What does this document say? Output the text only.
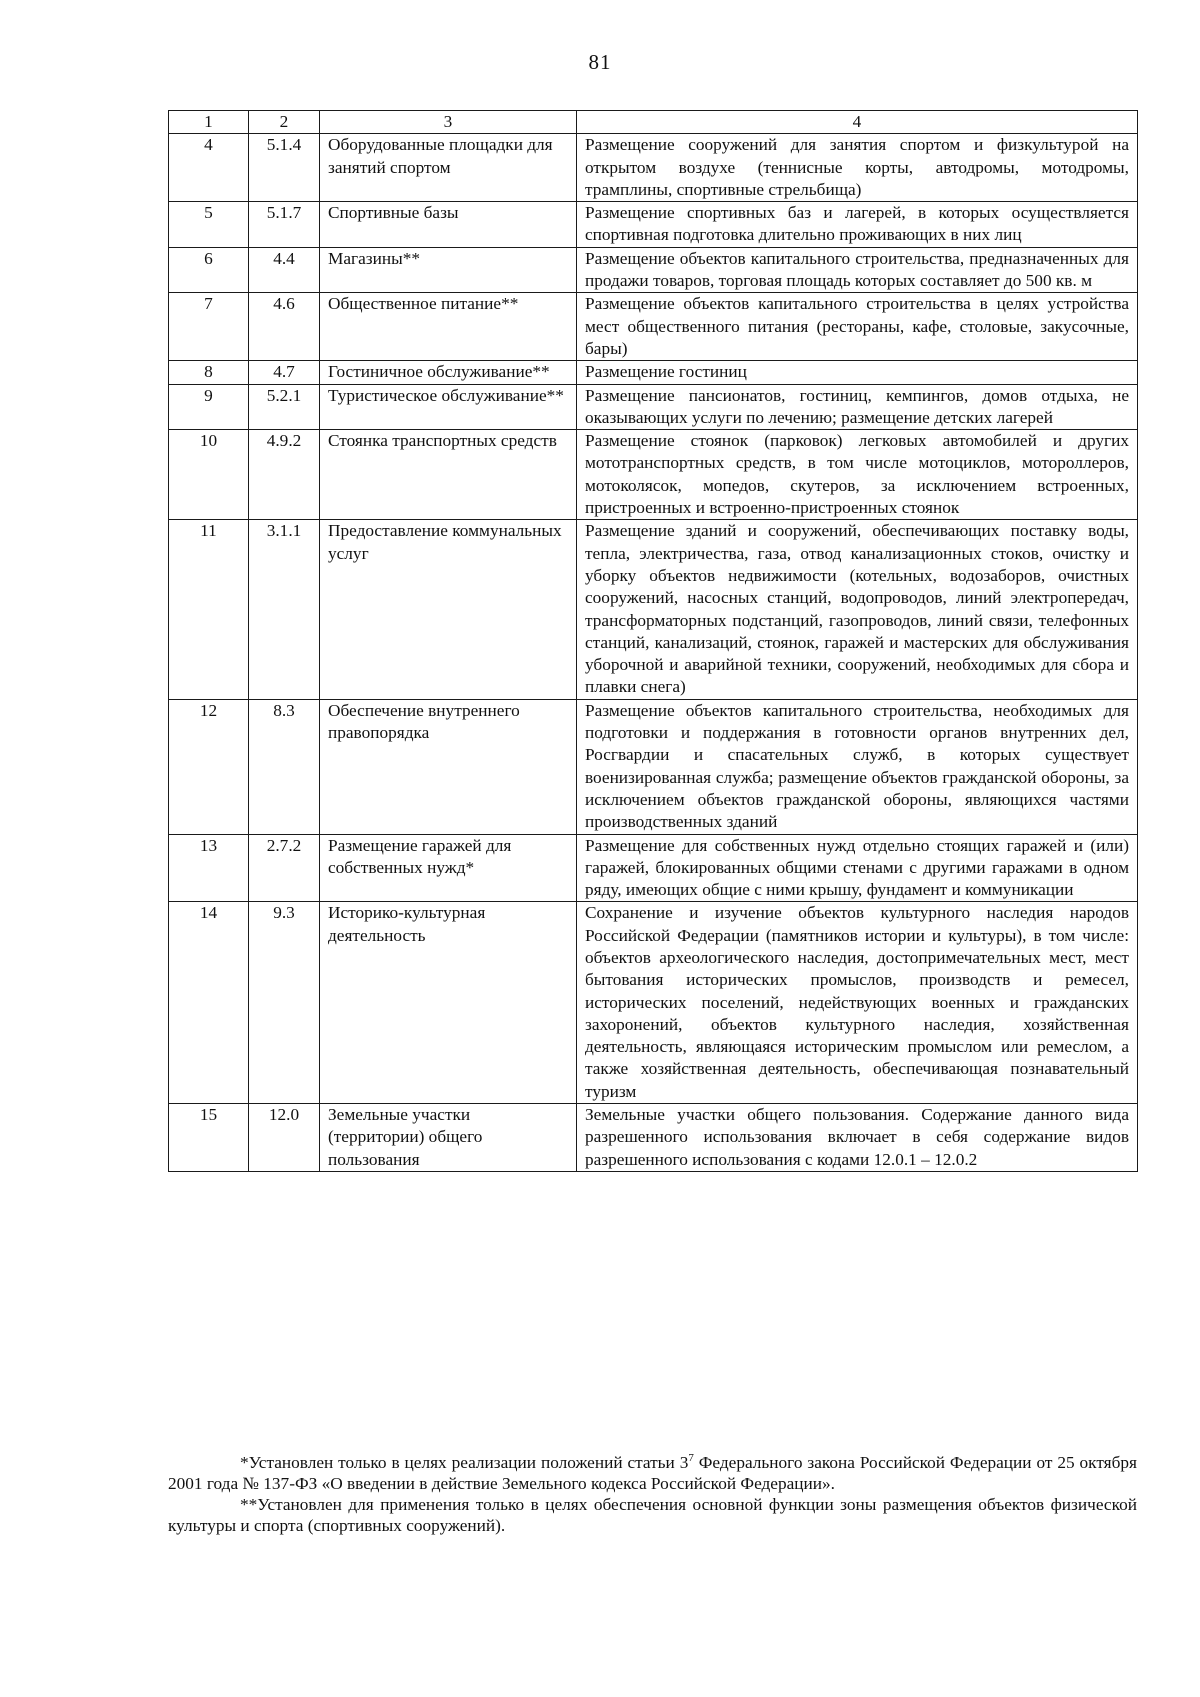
81
1	2	3	4
4	5.1.4	Оборудованные площадки для занятий спортом	Размещение сооружений для занятия спортом и физкультурой на открытом воздухе (теннисные корты, автодромы, мотодромы, трамплины, спортивные стрельбища)
5	5.1.7	Спортивные базы	Размещение спортивных баз и лагерей, в которых осуществляется спортивная подготовка длительно проживающих в них лиц
6	4.4	Магазины**	Размещение объектов капитального строительства, предназначенных для продажи товаров, торговая площадь которых составляет до 500 кв. м
7	4.6	Общественное питание**	Размещение объектов капитального строительства в целях устройства мест общественного питания (рестораны, кафе, столовые, закусочные, бары)
8	4.7	Гостиничное обслуживание**	Размещение гостиниц
9	5.2.1	Туристическое обслуживание**	Размещение пансионатов, гостиниц, кемпингов, домов отдыха, не оказывающих услуги по лечению; размещение детских лагерей
10	4.9.2	Стоянка транспортных средств	Размещение стоянок (парковок) легковых автомобилей и других мототранспортных средств, в том числе мотоциклов, мотороллеров, мотоколясок, мопедов, скутеров, за исключением встроенных, пристроенных и встроенно-пристроенных стоянок
11	3.1.1	Предоставление коммунальных услуг	Размещение зданий и сооружений, обеспечивающих поставку воды, тепла, электричества, газа, отвод канализационных стоков, очистку и уборку объектов недвижимости (котельных, водозаборов, очистных сооружений, насосных станций, водопроводов, линий электропередач, трансформаторных подстанций, газопроводов, линий связи, телефонных станций, канализаций, стоянок, гаражей и мастерских для обслуживания уборочной и аварийной техники, сооружений, необходимых для сбора и плавки снега)
12	8.3	Обеспечение внутреннего правопорядка	Размещение объектов капитального строительства, необходимых для подготовки и поддержания в готовности органов внутренних дел, Росгвардии и спасательных служб, в которых существует военизированная служба; размещение объектов гражданской обороны, за исключением объектов гражданской обороны, являющихся частями производственных зданий
13	2.7.2	Размещение гаражей для собственных нужд*	Размещение для собственных нужд отдельно стоящих гаражей и (или) гаражей, блокированных общими стенами с другими гаражами в одном ряду, имеющих общие с ними крышу, фундамент и коммуникации
14	9.3	Историко-культурная деятельность	Сохранение и изучение объектов культурного наследия народов Российской Федерации (памятников истории и культуры), в том числе: объектов археологического наследия, достопримечательных мест, мест бытования исторических промыслов, производств и ремесел, исторических поселений, недействующих военных и гражданских захоронений, объектов культурного наследия, хозяйственная деятельность, являющаяся историческим промыслом или ремеслом, а также хозяйственная деятельность, обеспечивающая познавательный туризм
15	12.0	Земельные участки (территории) общего пользования	Земельные участки общего пользования. Содержание данного вида разрешенного использования включает в себя содержание видов разрешенного использования с кодами 12.0.1 – 12.0.2

*Установлен только в целях реализации положений статьи $3^7$ Федерального закона Российской Федерации от 25 октября 2001 года № 137-ФЗ «О введении в действие Земельного кодекса Российской Федерации».

**Установлен для применения только в целях обеспечения основной функции зоны размещения объектов физической культуры и спорта (спортивных сооружений).
